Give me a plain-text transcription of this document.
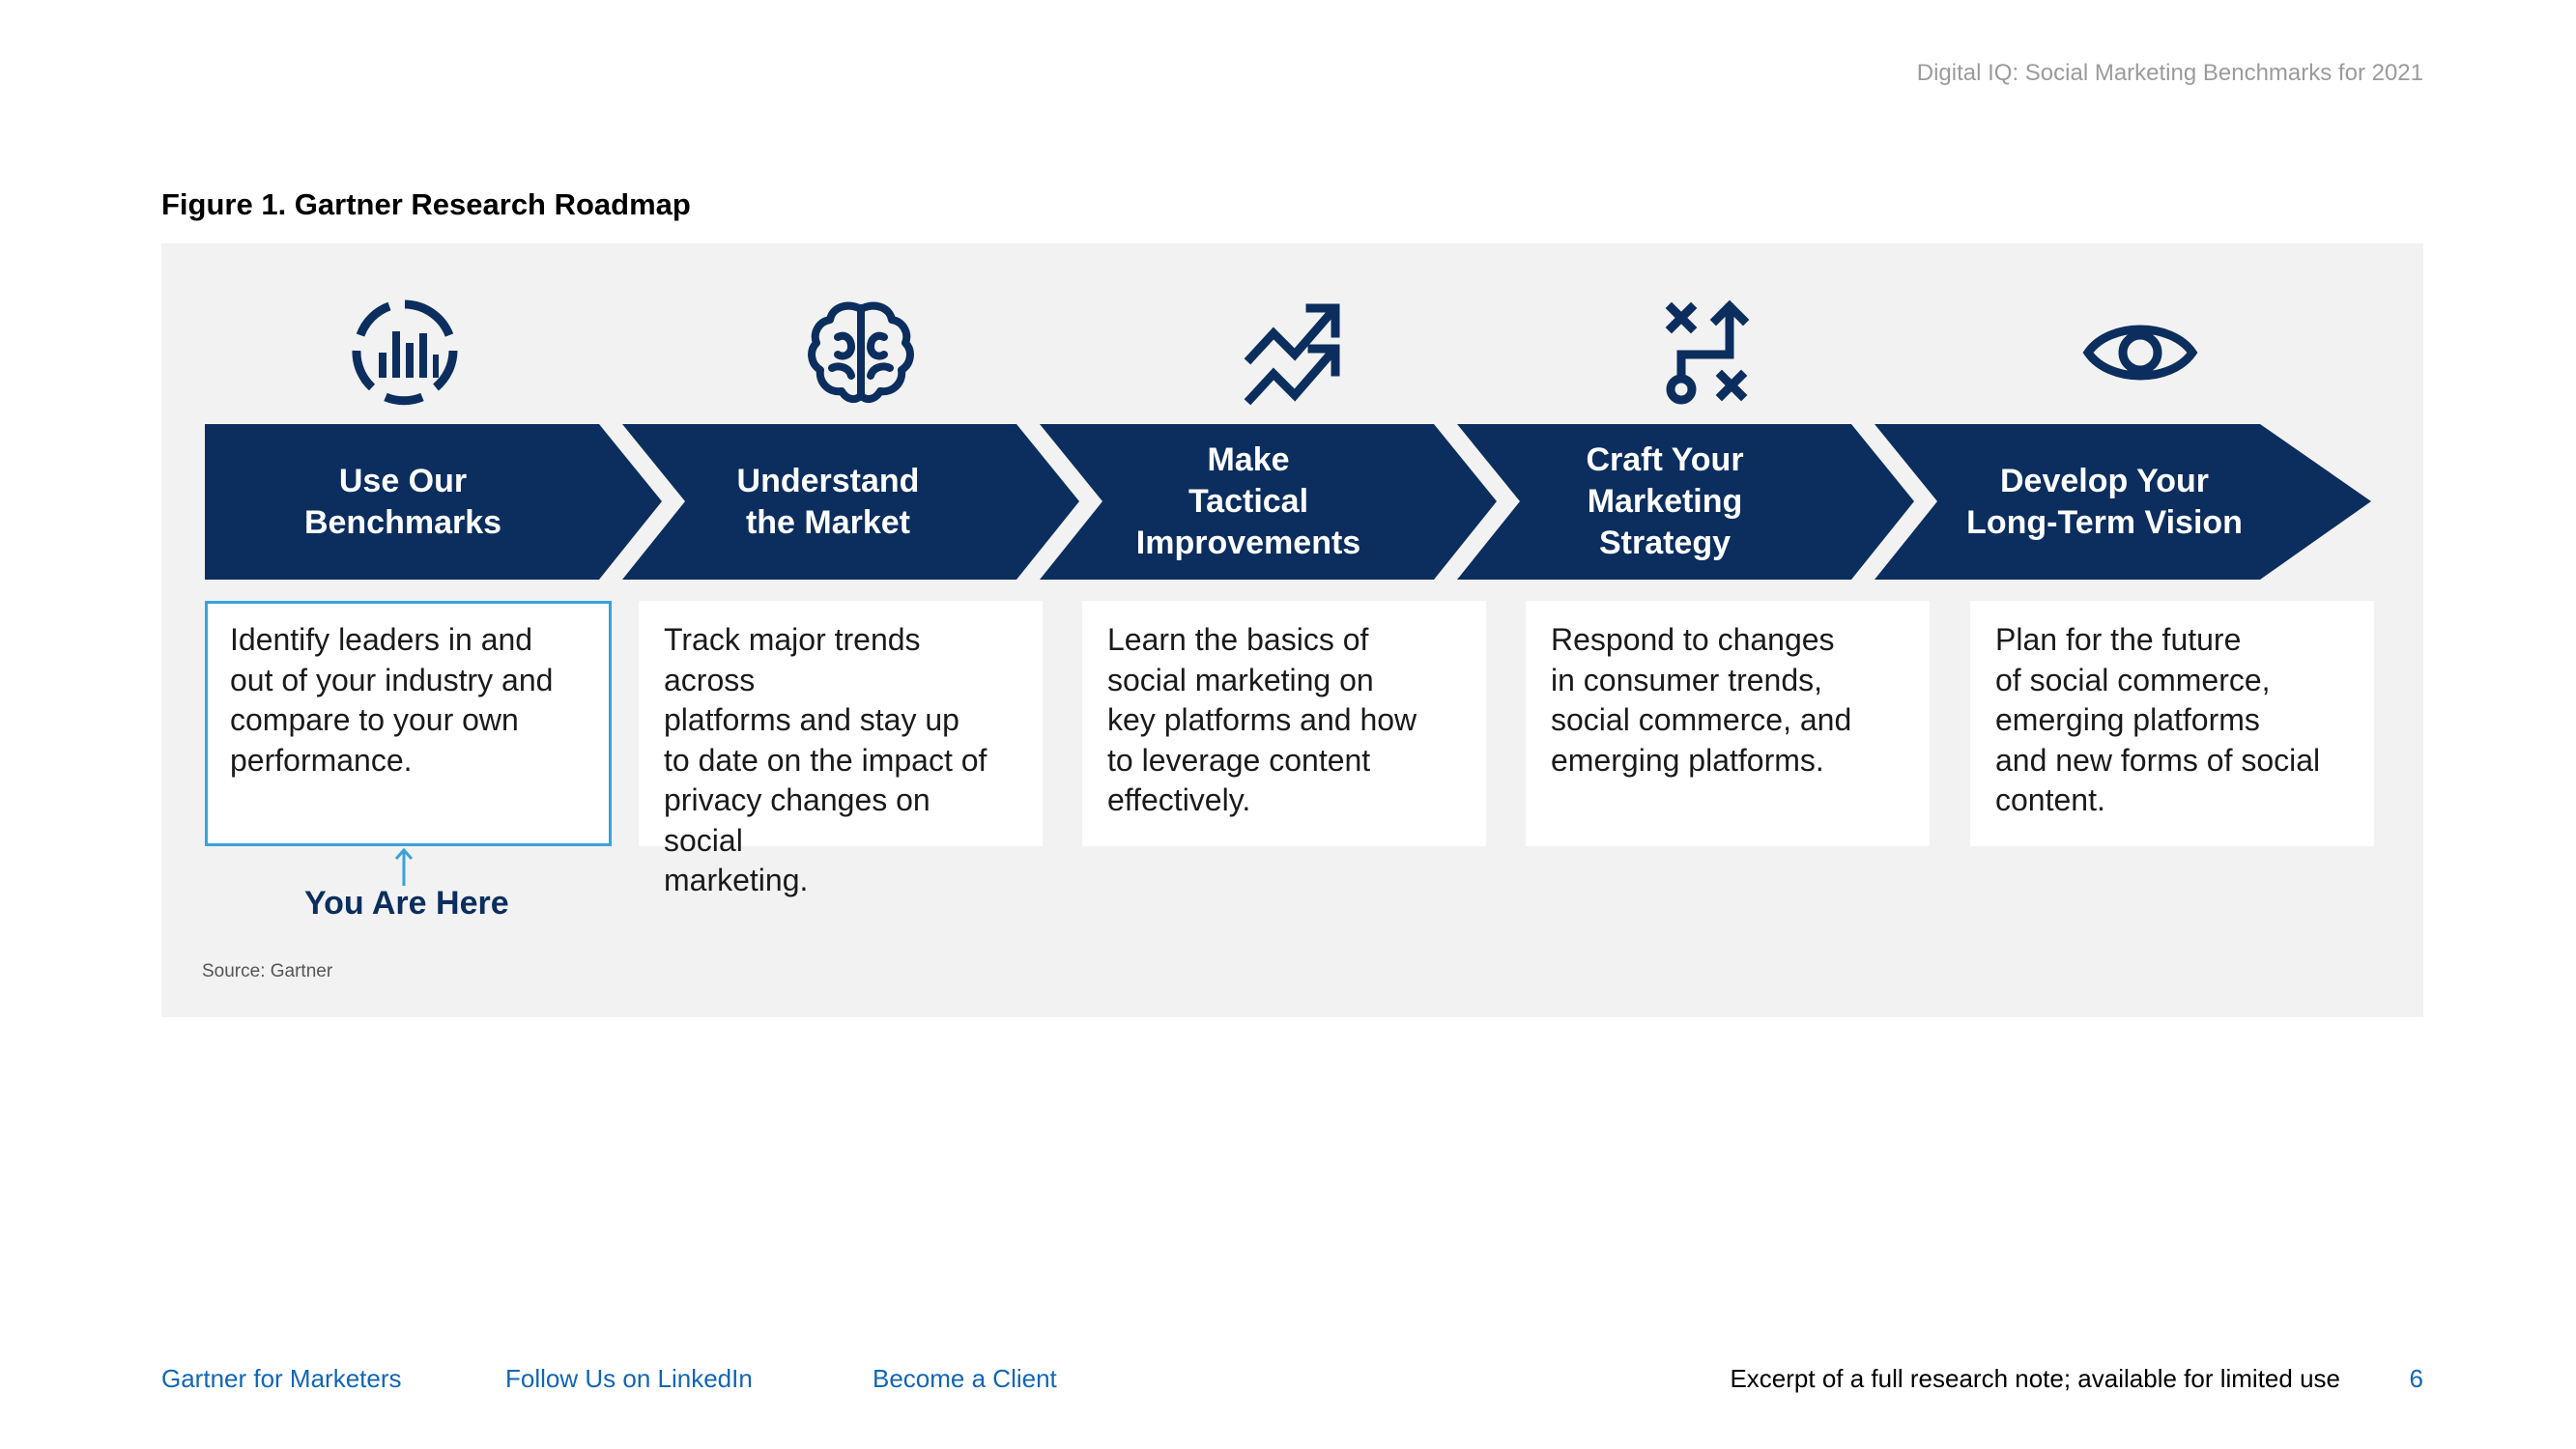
Digital IQ: Social Marketing Benchmarks for 2021
Figure 1. Gartner Research Roadmap
Use Our
Benchmarks
Understand
the Market
Make
Tactical
Improvements
Craft Your
Marketing
Strategy
Develop Your
Long-Term Vision
Identify leaders in and
out of your industry and
compare to your own
performance.
Track major trends across
platforms and stay up
to date on the impact of
privacy changes on social
marketing.
Learn the basics of
social marketing on
key platforms and how
to leverage content
effectively.
Respond to changes
in consumer trends,
social commerce, and
emerging platforms.
Plan for the future
of social commerce,
emerging platforms
and new forms of social
content.
You Are Here
Source: Gartner
Gartner for Marketers	Follow Us on LinkedIn	Become a Client	Excerpt of a full research note; available for limited use	6
